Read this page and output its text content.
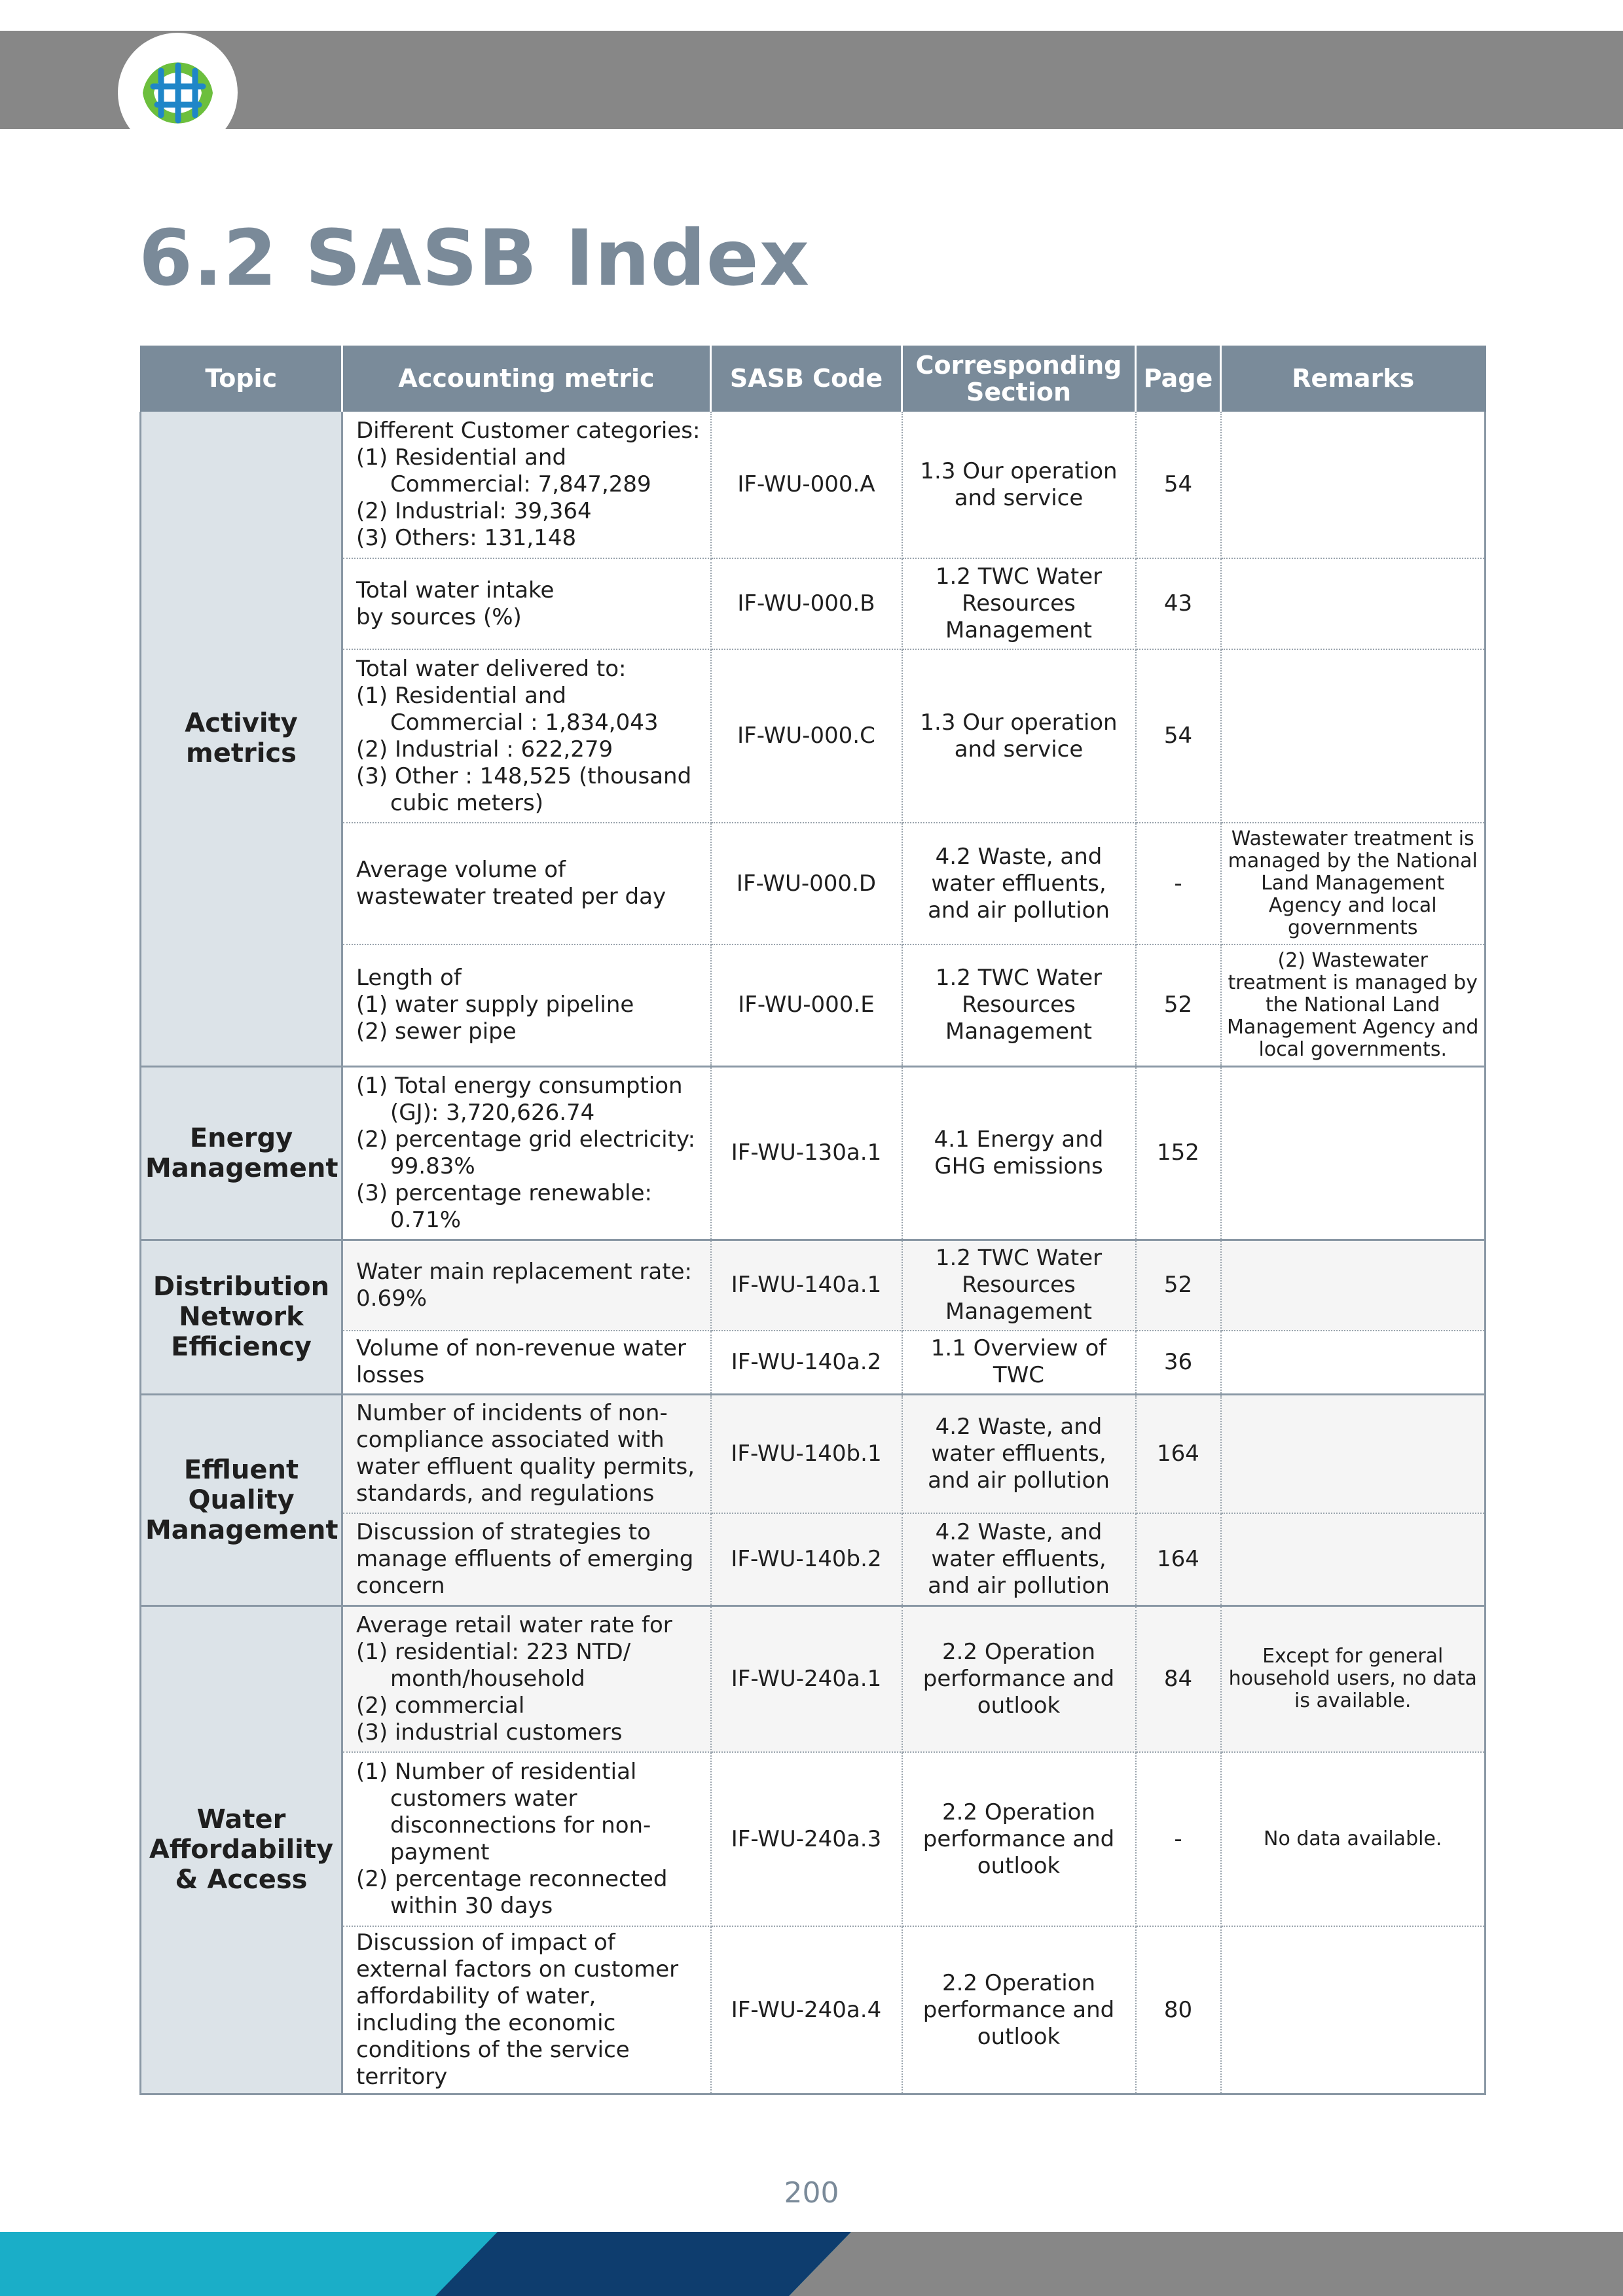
6.2 SASB Index
Topic	Accounting metric	SASB Code	Corresponding Section	Page	Remarks
Activity metrics	Different Customer categories:
(1) Residential and Commercial: 7,847,289
(2) Industrial: 39,364
(3) Others: 131,148	IF-WU-000.A	1.3 Our operation and service	54	

	Total water intake
by sources (%)	IF-WU-000.B	1.2 TWC Water Resources Management	43	

	Total water delivered to:
(1) Residential and Commercial : 1,834,043
(2) Industrial : 622,279
(3) Other : 148,525 (thousand cubic meters)	IF-WU-000.C	1.3 Our operation and service	54	

	Average volume of wastewater treated per day	IF-WU-000.D	4.2 Waste, and water effluents, and air pollution	-	Wastewater treatment is managed by the National Land Management Agency and local governments

	Length of
(1) water supply pipeline
(2) sewer pipe	IF-WU-000.E	1.2 TWC Water Resources Management	52	(2) Wastewater treatment is managed by the National Land Management Agency and local governments.
Energy Management	(1) Total energy consumption (GJ): 3,720,626.74
(2) percentage grid electricity: 99.83%
(3) percentage renewable: 0.71%	IF-WU-130a.1	4.1 Energy and GHG emissions	152	
Distribution Network Efficiency	Water main replacement rate: 0.69%	IF-WU-140a.1	1.2 TWC Water Resources Management	52	

	Volume of non-revenue water losses	IF-WU-140a.2	1.1 Overview of TWC	36	
Effluent Quality Management	Number of incidents of non-compliance associated with water effluent quality permits, standards, and regulations	IF-WU-140b.1	4.2 Waste, and water effluents, and air pollution	164	

	Discussion of strategies to manage effluents of emerging concern	IF-WU-140b.2	4.2 Waste, and water effluents, and air pollution	164	
Water Affordability & Access	Average retail water rate for
(1) residential: 223 NTD/ month/household
(2) commercial
(3) industrial customers	IF-WU-240a.1	2.2 Operation performance and outlook	84	Except for general household users, no data is available.

	(1) Number of residential customers water disconnections for non-payment
(2) percentage reconnected within 30 days	IF-WU-240a.3	2.2 Operation performance and outlook	-	No data available.

	Discussion of impact of external factors on customer affordability of water, including the economic conditions of the service territory	IF-WU-240a.4	2.2 Operation performance and outlook	80	
200
